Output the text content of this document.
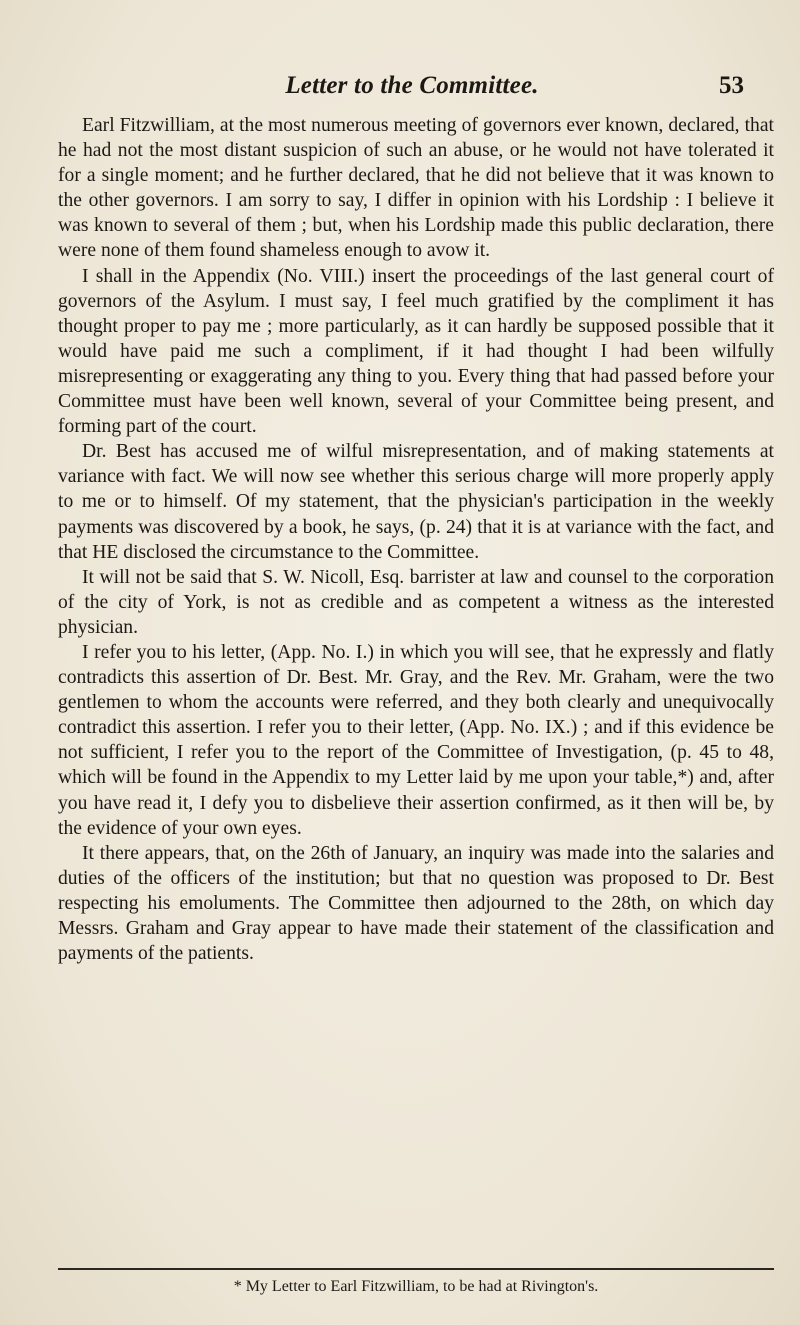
Letter to the Committee.	53

Earl Fitzwilliam, at the most numerous meeting of governors ever known, declared, that he had not the most distant suspicion of such an abuse, or he would not have tolerated it for a single moment; and he further declared, that he did not believe that it was known to the other governors. I am sorry to say, I differ in opinion with his Lordship : I believe it was known to several of them ; but, when his Lordship made this public declaration, there were none of them found shameless enough to avow it.

I shall in the Appendix (No. VIII.) insert the proceedings of the last general court of governors of the Asylum. I must say, I feel much gratified by the compliment it has thought proper to pay me ; more particularly, as it can hardly be supposed possible that it would have paid me such a compliment, if it had thought I had been wilfully misrepresenting or exaggerating any thing to you. Every thing that had passed before your Committee must have been well known, several of your Committee being present, and forming part of the court.

Dr. Best has accused me of wilful misrepresentation, and of making statements at variance with fact. We will now see whether this serious charge will more properly apply to me or to himself. Of my statement, that the physician's participation in the weekly payments was discovered by a book, he says, (p. 24) that it is at variance with the fact, and that HE disclosed the circumstance to the Committee.

It will not be said that S. W. Nicoll, Esq. barrister at law and counsel to the corporation of the city of York, is not as credible and as competent a witness as the interested physician.

I refer you to his letter, (App. No. I.) in which you will see, that he expressly and flatly contradicts this assertion of Dr. Best. Mr. Gray, and the Rev. Mr. Graham, were the two gentlemen to whom the accounts were referred, and they both clearly and unequivocally contradict this assertion. I refer you to their letter, (App. No. IX.) ; and if this evidence be not sufficient, I refer you to the report of the Committee of Investigation, (p. 45 to 48, which will be found in the Appendix to my Letter laid by me upon your table,*) and, after you have read it, I defy you to disbelieve their assertion confirmed, as it then will be, by the evidence of your own eyes.

It there appears, that, on the 26th of January, an inquiry was made into the salaries and duties of the officers of the institution; but that no question was proposed to Dr. Best respecting his emoluments. The Committee then adjourned to the 28th, on which day Messrs. Graham and Gray appear to have made their statement of the classification and payments of the patients.

* My Letter to Earl Fitzwilliam, to be had at Rivington's.
